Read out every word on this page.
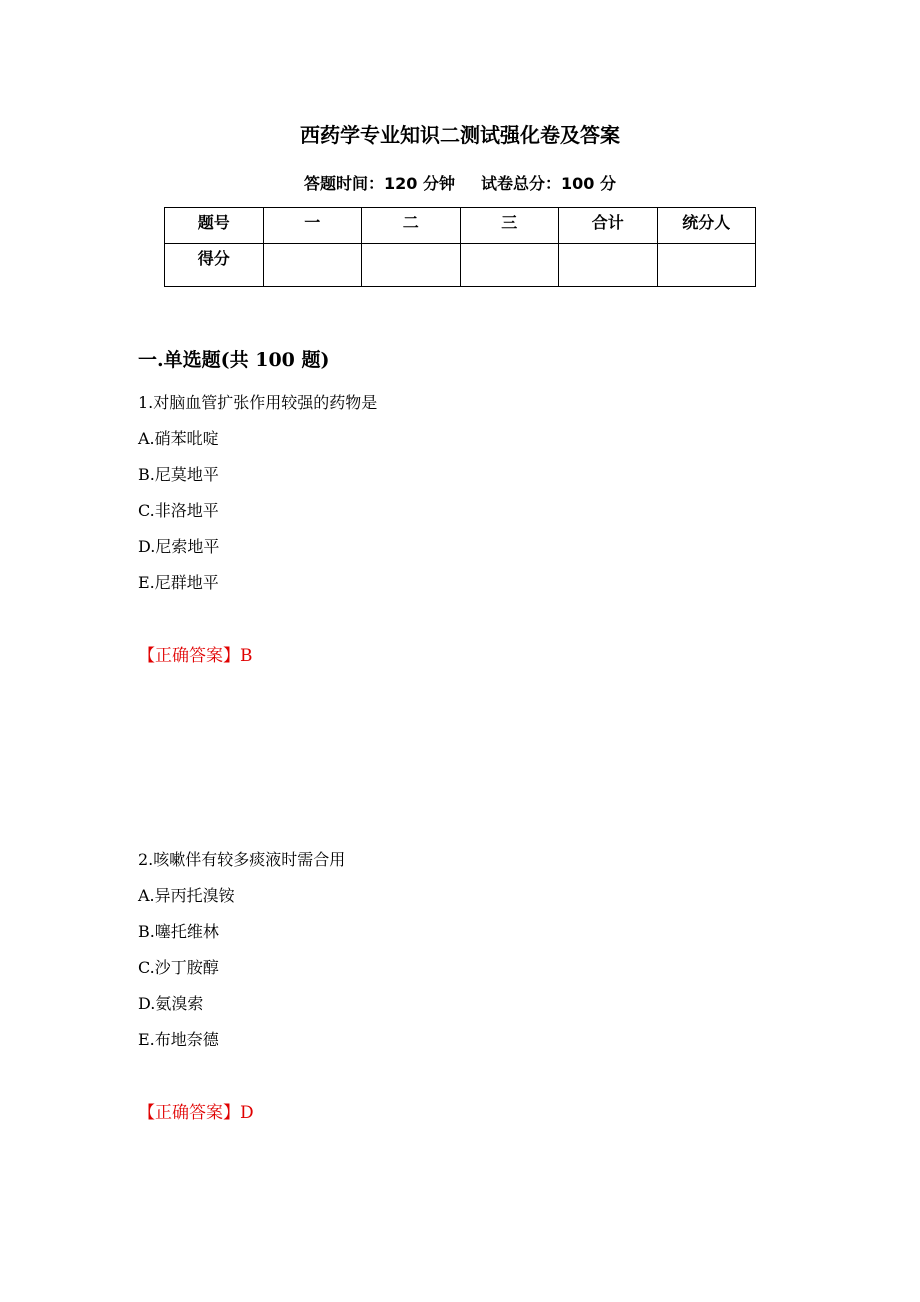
西药学专业知识二测试强化卷及答案
答题时间：120 分钟 试卷总分：100 分
题号	一	二	三	合计	统分人
得分					
一.单选题(共 100 题)
1.对脑血管扩张作用较强的药物是
A.硝苯吡啶
B.尼莫地平
C.非洛地平
D.尼索地平
E.尼群地平
【正确答案】B
2.咳嗽伴有较多痰液时需合用
A.异丙托溴铵
B.噻托维林
C.沙丁胺醇
D.氨溴索
E.布地奈德
【正确答案】D
